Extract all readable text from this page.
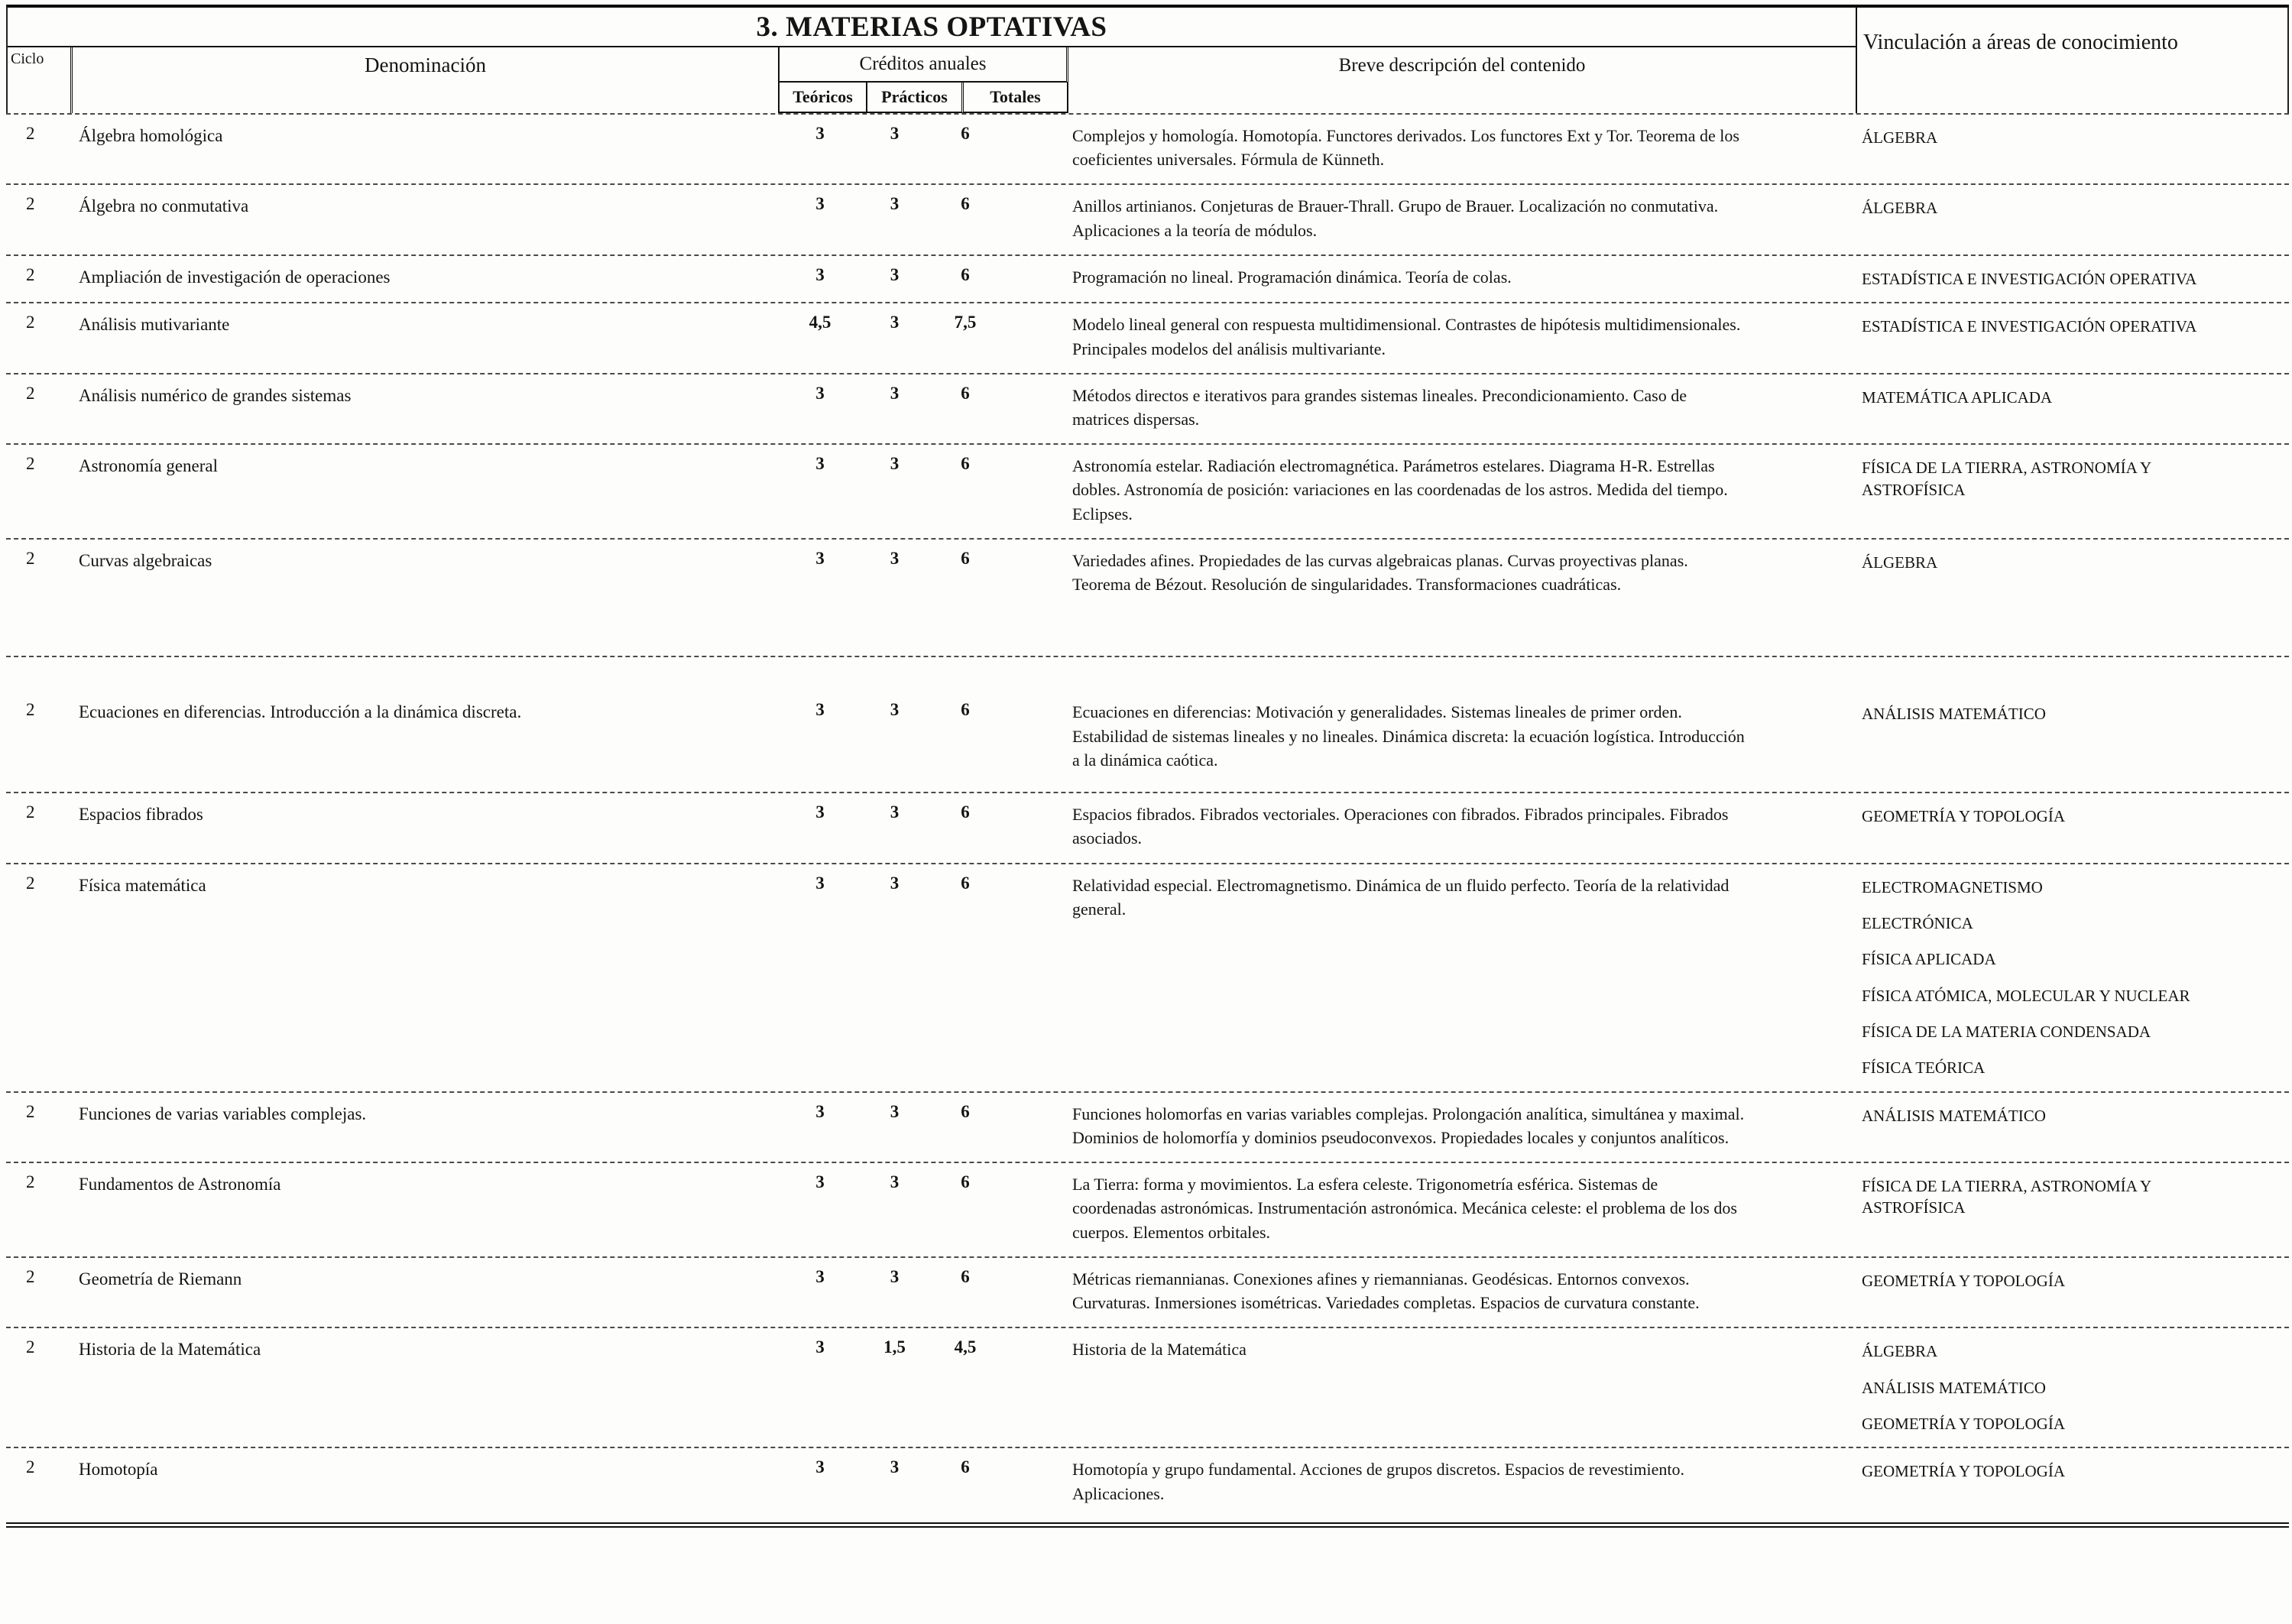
3. MATERIAS OPTATIVAS
Ciclo	Denominación	Créditos anuales
Teóricos	Prácticos	Totales
Breve descripción del contenido
Vinculación a áreas de conocimiento
2	Álgebra homológica	3	3	6	Complejos y homología. Homotopía. Functores derivados. Los functores Ext y Tor. Teorema de los coeficientes universales. Fórmula de Künneth.
ÁLGEBRA
2	Álgebra no conmutativa	3	3	6	Anillos artinianos. Conjeturas de Brauer-Thrall. Grupo de Brauer. Localización no conmutativa. Aplicaciones a la teoría de módulos.
ÁLGEBRA
2	Ampliación de investigación de operaciones	3	3	6	Programación no lineal. Programación dinámica. Teoría de colas.	ESTADÍSTICA E INVESTIGACIÓN OPERATIVA
2	Análisis mutivariante	4,5	3	7,5	Modelo lineal general con respuesta multidimensional. Contrastes de hipótesis multidimensionales. Principales modelos del análisis multivariante.
ESTADÍSTICA E INVESTIGACIÓN OPERATIVA
2	Análisis numérico de grandes sistemas	3	3	6	Métodos directos e iterativos para grandes sistemas lineales. Precondicionamiento. Caso de matrices dispersas.
MATEMÁTICA APLICADA
2	Astronomía general	3	3	6	Astronomía estelar. Radiación electromagnética. Parámetros estelares. Diagrama H-R. Estrellas dobles. Astronomía de posición: variaciones en las coordenadas de los astros. Medida del tiempo. Eclipses.
FÍSICA DE LA TIERRA, ASTRONOMÍA Y ASTROFÍSICA
2	Curvas algebraicas	3	3	6	Variedades afines. Propiedades de las curvas algebraicas planas. Curvas proyectivas planas. Teorema de Bézout. Resolución de singularidades. Transformaciones cuadráticas.
ÁLGEBRA
2	Ecuaciones en diferencias. Introducción a la dinámica discreta.	3	3	6	Ecuaciones en diferencias: Motivación y generalidades. Sistemas lineales de primer orden. Estabilidad de sistemas lineales y no lineales. Dinámica discreta: la ecuación logística. Introducción a la dinámica caótica.
ANÁLISIS MATEMÁTICO
2	Espacios fibrados	3	3	6	Espacios fibrados. Fibrados vectoriales. Operaciones con fibrados. Fibrados principales. Fibrados asociados.
GEOMETRÍA Y TOPOLOGÍA
2	Física matemática	3	3	6	Relatividad especial. Electromagnetismo. Dinámica de un fluido perfecto. Teoría de la relatividad general.
ELECTROMAGNETISMO
ELECTRÓNICA
FÍSICA APLICADA
FÍSICA ATÓMICA, MOLECULAR Y NUCLEAR
FÍSICA DE LA MATERIA CONDENSADA
FÍSICA TEÓRICA
2	Funciones de varias variables complejas.	3	3	6	Funciones holomorfas en varias variables complejas. Prolongación analítica, simultánea y maximal. Dominios de holomorfía y dominios pseudoconvexos. Propiedades locales y conjuntos analíticos.
ANÁLISIS MATEMÁTICO
2	Fundamentos de Astronomía	3	3	6	La Tierra: forma y movimientos. La esfera celeste. Trigonometría esférica. Sistemas de coordenadas astronómicas. Instrumentación astronómica. Mecánica celeste: el problema de los dos cuerpos. Elementos orbitales.
FÍSICA DE LA TIERRA, ASTRONOMÍA Y ASTROFÍSICA
2	Geometría de Riemann	3	3	6	Métricas riemannianas. Conexiones afines y riemannianas. Geodésicas. Entornos convexos. Curvaturas. Inmersiones isométricas. Variedades completas. Espacios de curvatura constante.
GEOMETRÍA Y TOPOLOGÍA
2	Historia de la Matemática	3	1,5	4,5	Historia de la Matemática	ÁLGEBRA
ANÁLISIS MATEMÁTICO
GEOMETRÍA Y TOPOLOGÍA
2	Homotopía	3	3	6	Homotopía y grupo fundamental. Acciones de grupos discretos. Espacios de revestimiento. Aplicaciones.
GEOMETRÍA Y TOPOLOGÍA
